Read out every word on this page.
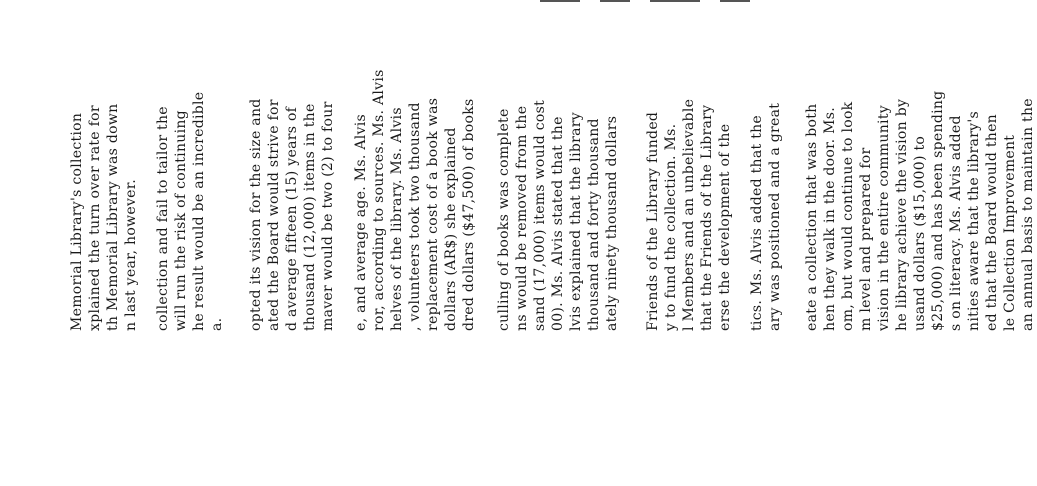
Memorial Library's collection xplained the turn over rate for th Memorial Library was down n last year, however. collection and fail to tailor the will run the risk of continuing he result would be an incredible a. opted its vision for the size and ated the Board would strive for d average fifteen (15) years of thousand (12,000) items in the maver would be two (2) to four e, and average age. Ms. Alvis ror, according to sources. Ms. Alvis helves of the library. Ms. Alvis , volunteers took two thousand replacement cost of a book was dollars (AR$) she explained dred dollars ($47,500) of books culling of books was complete ns would be removed from the sand (17,000) items would cost 00). Ms. Alvis stated that the lvis explained that the library thousand and forty thousand ately ninety thousand dollars Friends of the Library funded y to fund the collection. Ms. l Members and an unbelievable that the Friends of the Library erse the development of the tics. Ms. Alvis added that the ary was positioned and a great eate a collection that was both hen they walk in the door. Ms. om, but would continue to look m level and prepared for vision in the entire community he library achieve the vision by usand dollars ($15,000) to $25,000) and has been spending s on literacy. Ms. Alvis added nities aware that the library's ed that the Board would then le Collection Improvement an annual basis to maintain the
